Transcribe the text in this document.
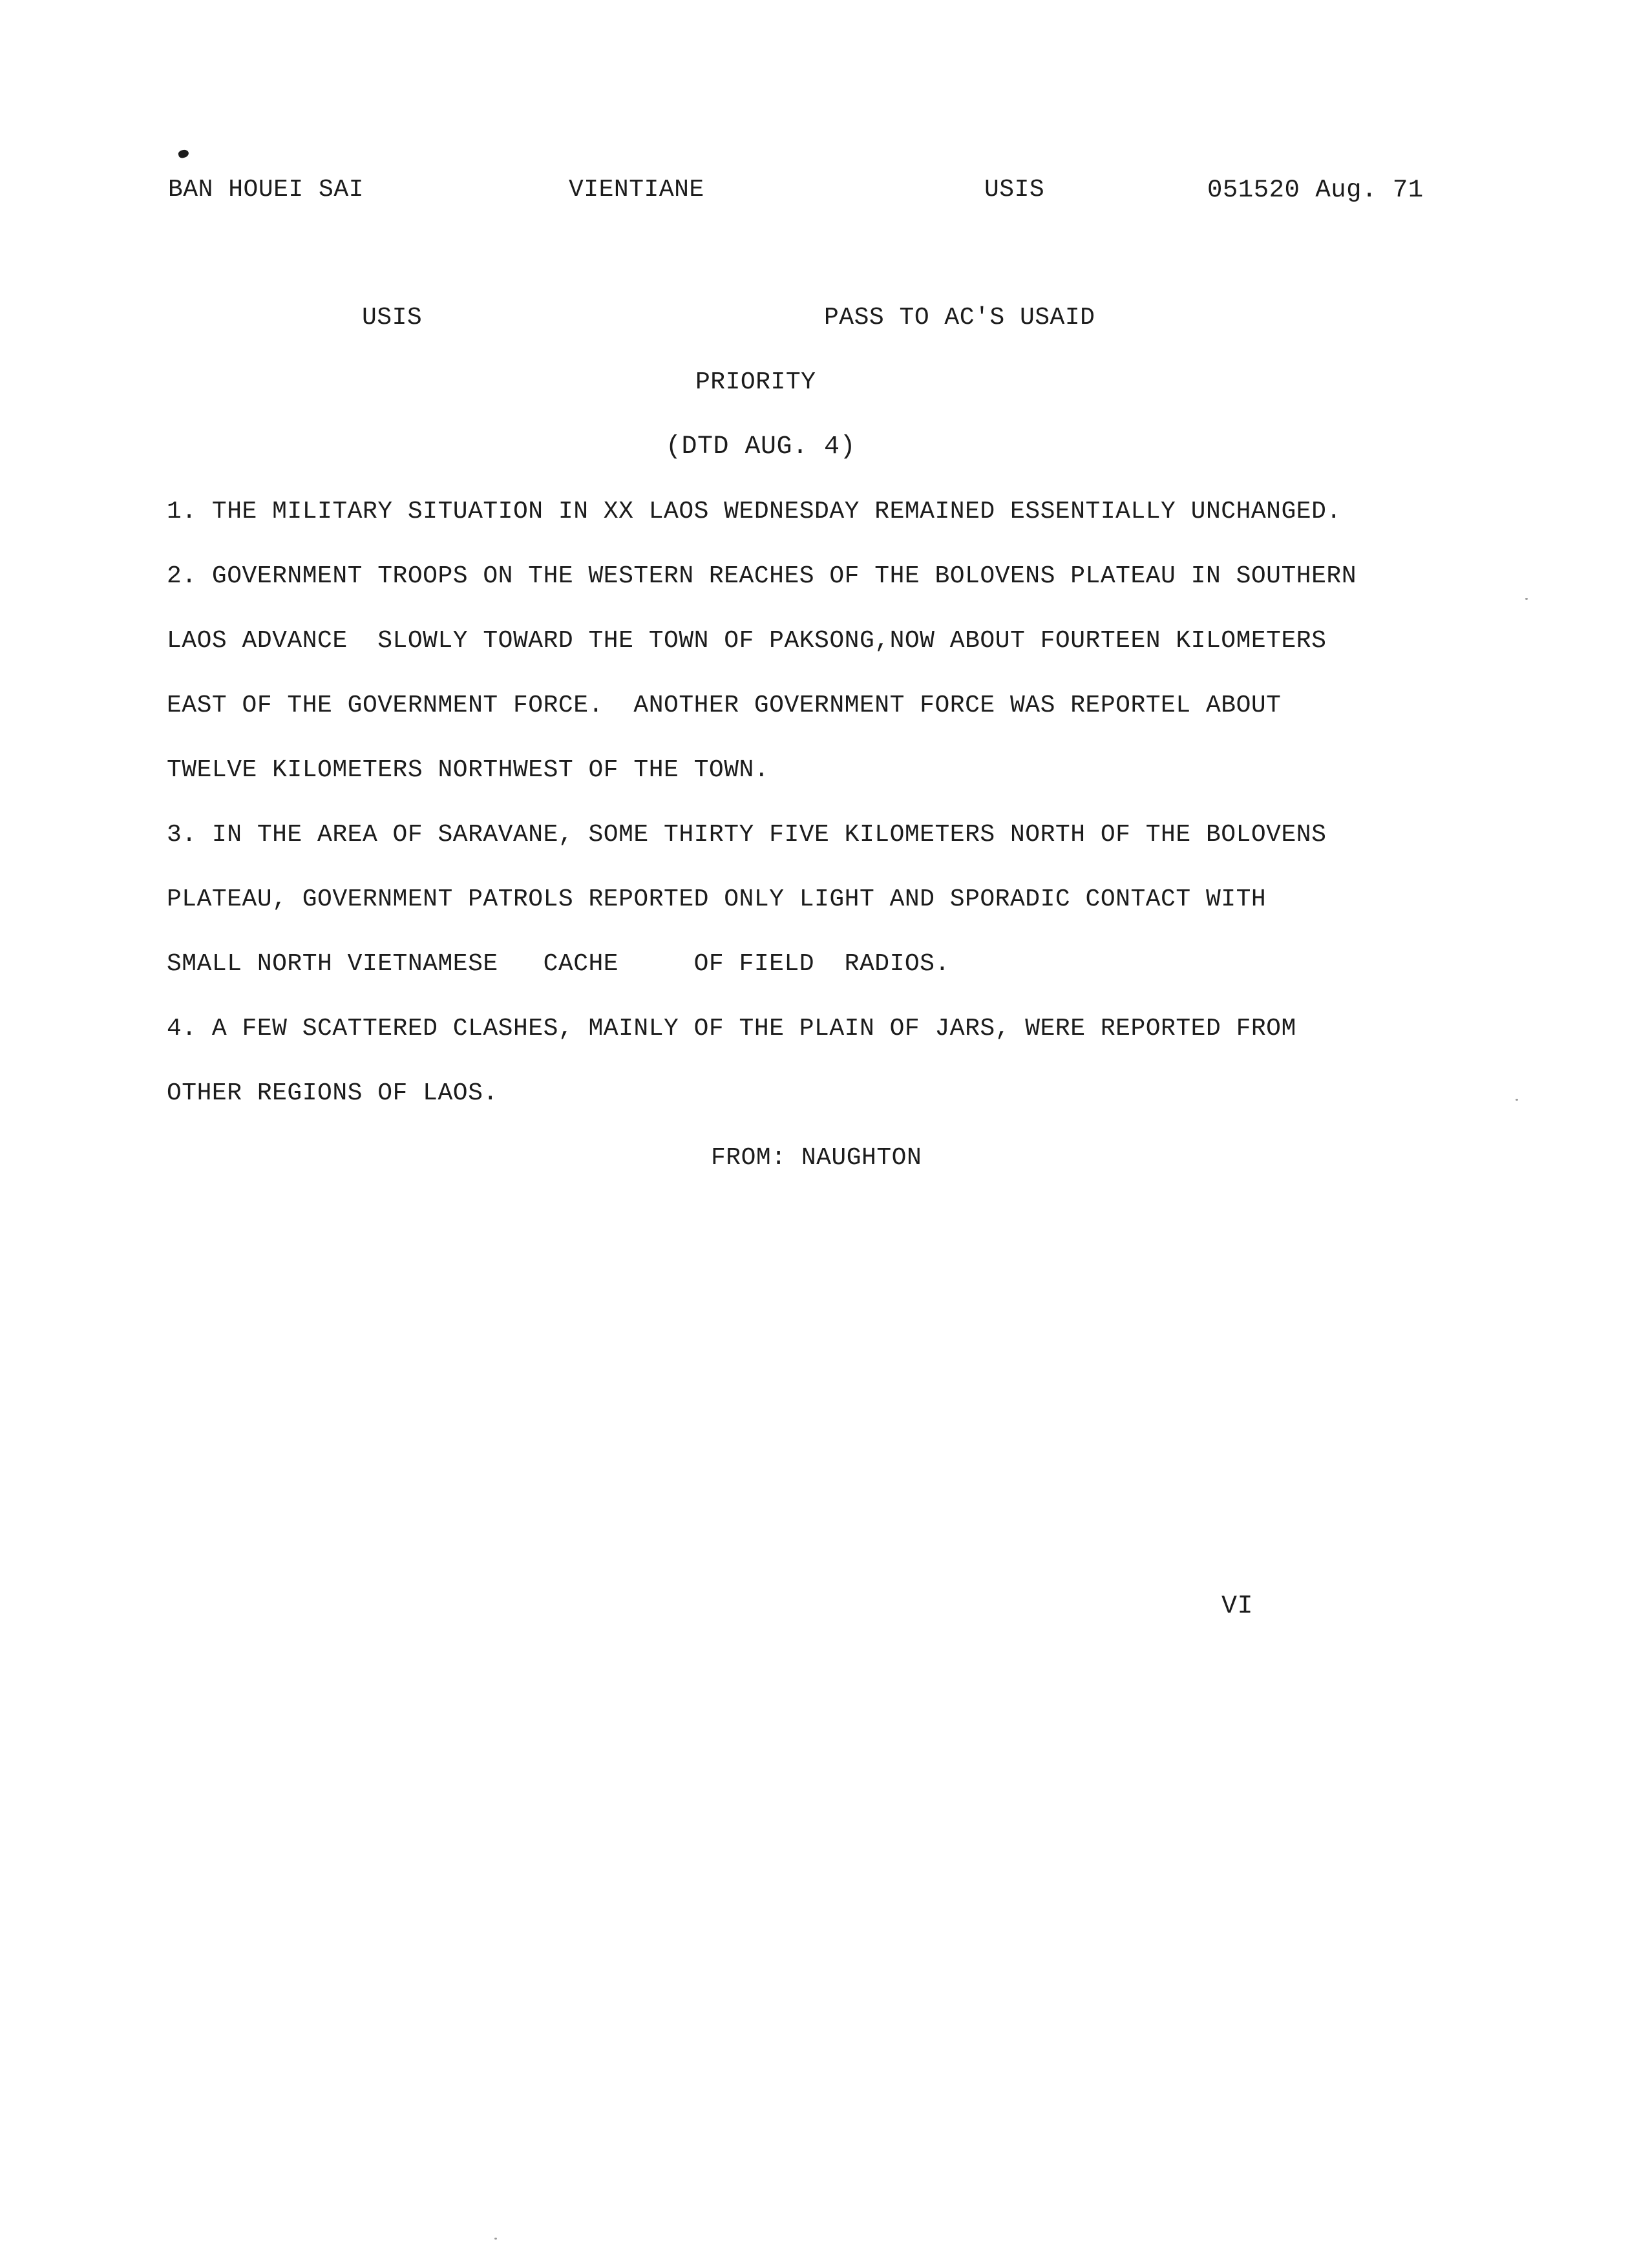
BAN HOUEI SAI	VIENTIANE	USIS	051520 Aug. 71
USIS	PASS TO AC'S USAID
PRIORITY
(DTD AUG. 4)
1. THE MILITARY SITUATION IN XX LAOS WEDNESDAY REMAINED ESSENTIALLY UNCHANGED.
2. GOVERNMENT TROOPS ON THE WESTERN REACHES OF THE BOLOVENS PLATEAU IN SOUTHERN
LAOS ADVANCE  SLOWLY TOWARD THE TOWN OF PAKSONG,NOW ABOUT FOURTEEN KILOMETERS
EAST OF THE GOVERNMENT FORCE.  ANOTHER GOVERNMENT FORCE WAS REPORTEL ABOUT
TWELVE KILOMETERS NORTHWEST OF THE TOWN.
3. IN THE AREA OF SARAVANE, SOME THIRTY FIVE KILOMETERS NORTH OF THE BOLOVENS
PLATEAU, GOVERNMENT PATROLS REPORTED ONLY LIGHT AND SPORADIC CONTACT WITH
SMALL NORTH VIETNAMESE   CACHE     OF FIELD  RADIOS.
4. A FEW SCATTERED CLASHES, MAINLY OF THE PLAIN OF JARS, WERE REPORTED FROM
OTHER REGIONS OF LAOS.
FROM: NAUGHTON
VI
